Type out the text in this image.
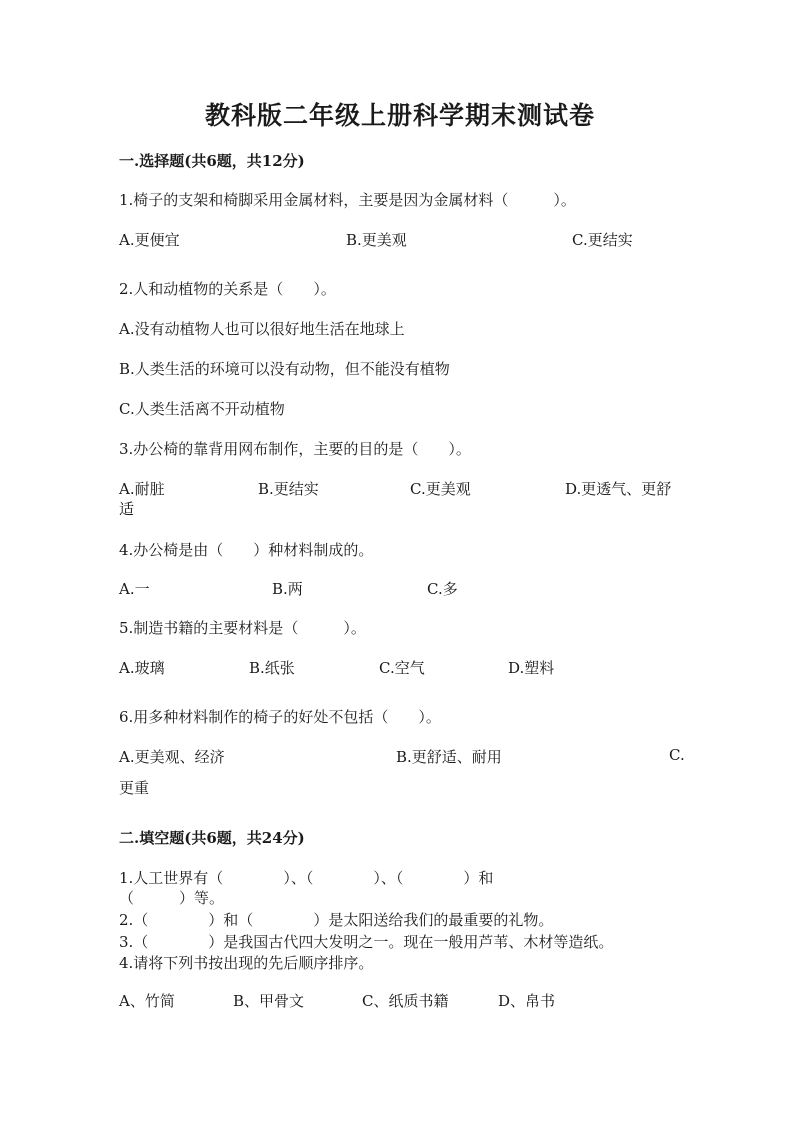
教科版二年级上册科学期末测试卷
一.选择题(共6题，共12分)
1.椅子的支架和椅脚采用金属材料，主要是因为金属材料（　　　）。
A.更便宜	B.更美观	C.更结实
2.人和动植物的关系是（　　）。
A.没有动植物人也可以很好地生活在地球上
B.人类生活的环境可以没有动物，但不能没有植物
C.人类生活离不开动植物
3.办公椅的靠背用网布制作，主要的目的是（　　）。
A.耐脏	B.更结实	C.更美观	D.更透气、更舒
适
4.办公椅是由（　　）种材料制成的。
A.一	B.两	C.多
5.制造书籍的主要材料是（　　　）。
A.玻璃	B.纸张	C.空气	D.塑料
6.用多种材料制作的椅子的好处不包括（　　）。
A.更美观、经济	B.更舒适、耐用	C.
更重
二.填空题(共6题，共24分)
1.人工世界有（　　　　）、（　　　　）、（　　　　）和
（　　　）等。
2.（　　　　）和（　　　　）是太阳送给我们的最重要的礼物。
3.（　　　　）是我国古代四大发明之一。现在一般用芦苇、木材等造纸。
4.请将下列书按出现的先后顺序排序。
A、竹简	B、甲骨文	C、纸质书籍	D、帛书
